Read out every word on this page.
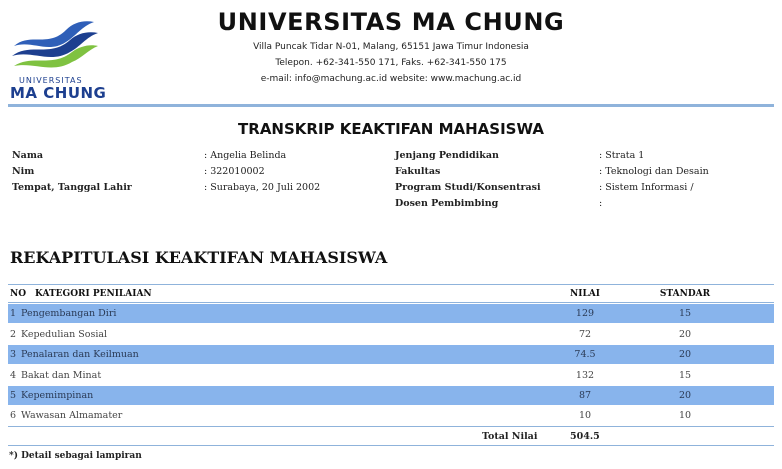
UNIVERSITAS
MA CHUNG
UNIVERSITAS MA CHUNG
Villa Puncak Tidar N-01, Malang, 65151 Jawa Timur Indonesia
Telepon. +62-341-550 171, Faks. +62-341-550 175
e-mail: info@machung.ac.id website: www.machung.ac.id
TRANSKRIP KEAKTIFAN MAHASISWA
Nama	: Angelia Belinda
Nim	: 322010002
Tempat, Tanggal Lahir	: Surabaya, 20 Juli 2002
Jenjang Pendidikan	: Strata 1
Fakultas	: Teknologi dan Desain
Program Studi/Konsentrasi	: Sistem Informasi /
Dosen Pembimbing	:
REKAPITULASI KEAKTIFAN MAHASISWA
NO KATEGORI PENILAIAN	NILAI	STANDAR
1 Pengembangan Diri	129	15
2 Kepedulian Sosial	72	20
3 Penalaran dan Keilmuan	74.5	20
4 Bakat dan Minat	132	15
5 Kepemimpinan	87	20
6 Wawasan Almamater	10	10
Total Nilai	504.5
*) Detail sebagai lampiran
